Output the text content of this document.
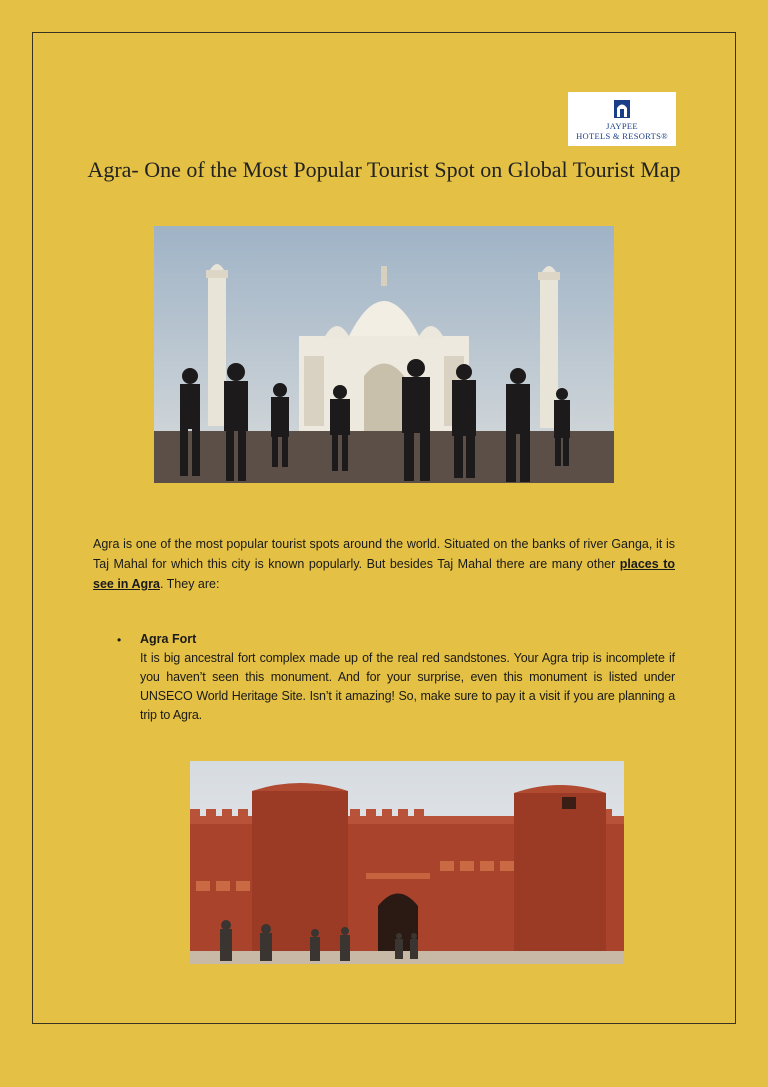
JAYPEE
HOTELS & RESORTS®
Agra- One of the Most Popular Tourist Spot on Global Tourist Map
Agra is one of the most popular tourist spots around the world. Situated on the banks of river Ganga, it is Taj Mahal for which this city is known popularly. But besides Taj Mahal there are many other places to see in Agra. They are:
• Agra Fort
It is big ancestral fort complex made up of the real red sandstones. Your Agra trip is incomplete if you haven’t seen this monument. And for your surprise, even this monument is listed under UNSECO World Heritage Site. Isn’t it amazing! So, make sure to pay it a visit if you are planning a trip to Agra.
